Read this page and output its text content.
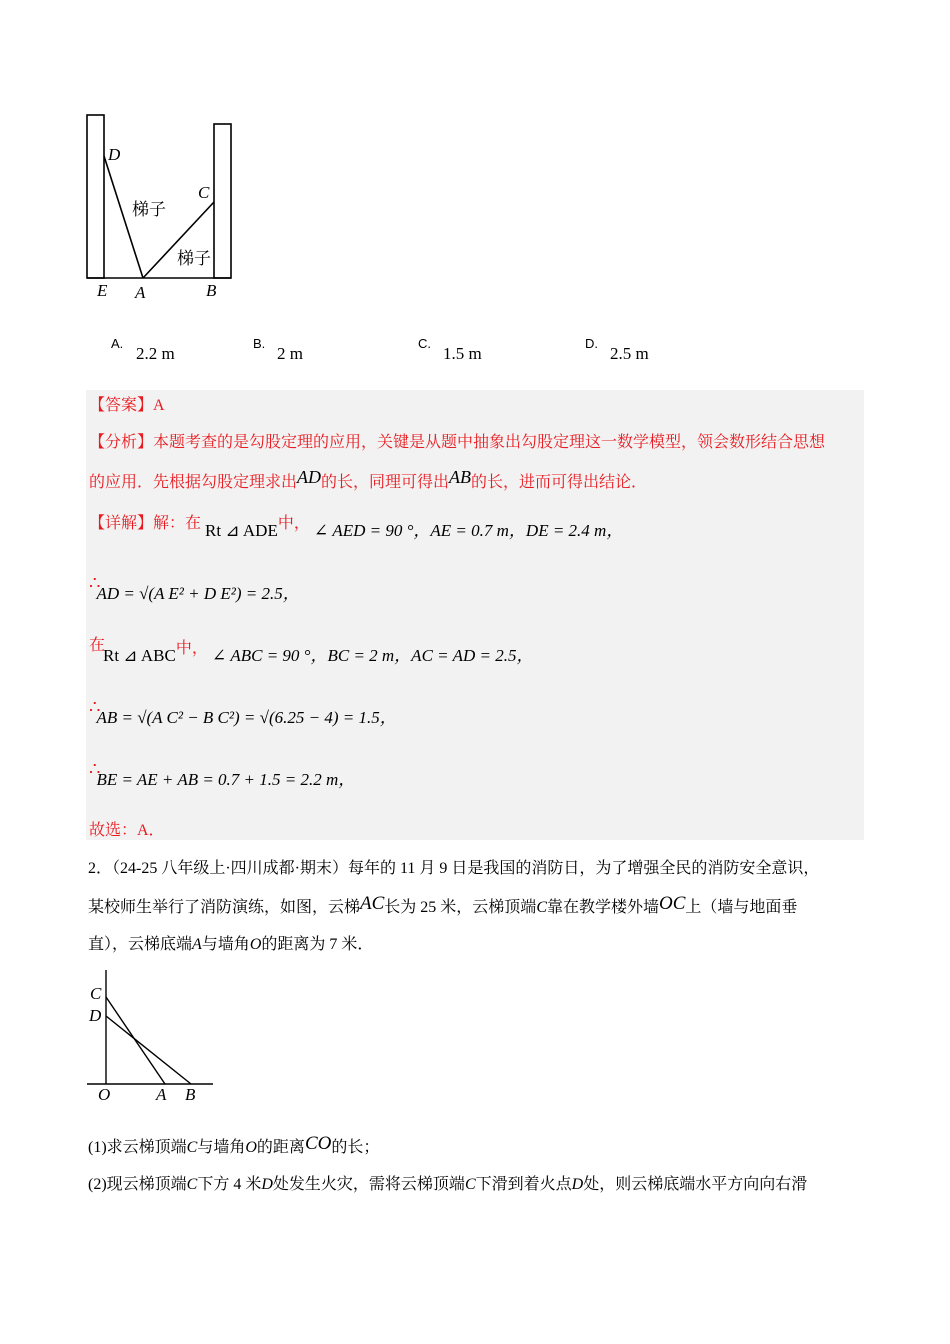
D
C
E A	B
梯子
梯子
A.
2.2 m
B.
2 m
C.
1.5 m
D.
2.5 m
【答案】A
【分析】本题考查的是勾股定理的应用，关键是从题中抽象出勾股定理这一数学模型，领会数形结合思想
的应用．先根据勾股定理求出AD的长，同理可得出AB的长，进而可得出结论．
【详解】解：在 Rt ⊿ ADE中， ∠ AED = 90 °，AE = 0.7 m，DE = 2.4 m，
∴ AD = √(A E² + D E²) = 2.5，
在
Rt ⊿ ABC中， ∠ ABC = 90 °，BC = 2 m，AC = AD = 2.5，
∴ AB = √(A C² − B C²) = √(6.25 − 4) = 1.5，
∴ BE = AE + AB = 0.7 + 1.5 = 2.2 m，
故选：A．
2．（24-25 八年级上·四川成都·期末）每年的 11 月 9 日是我国的消防日，为了增强全民的消防安全意识，
某校师生举行了消防演练，如图，云梯AC长为 25 米，云梯顶端C靠在教学楼外墙OC上（墙与地面垂
直），云梯底端A与墙角O的距离为 7 米．
C
D
O	A B
(1)求云梯顶端C与墙角O的距离CO的长；
(2)现云梯顶端C下方 4 米D处发生火灾，需将云梯顶端C下滑到着火点D处，则云梯底端水平方向向右滑
